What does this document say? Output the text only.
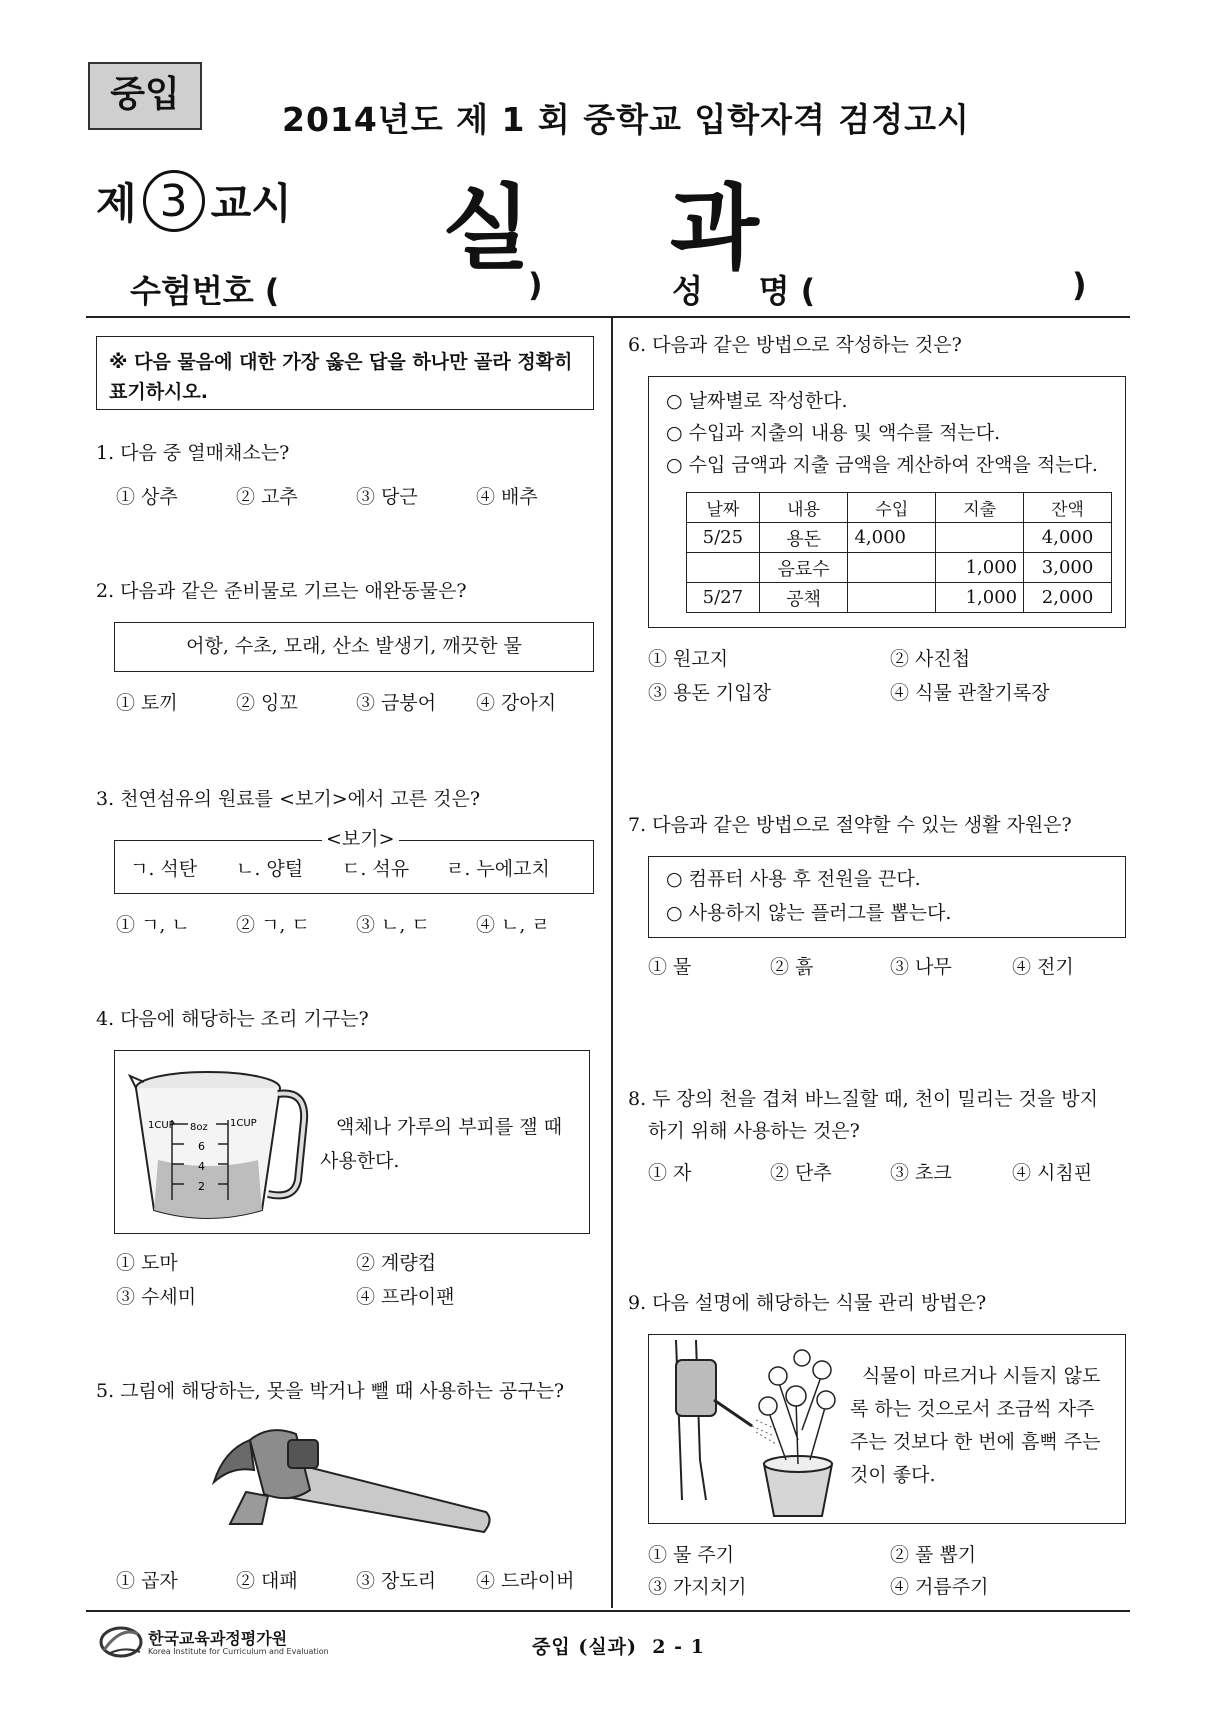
중입
2014년도 제 1 회 중학교 입학자격 검정고시
제 3 교시 실 과
수험번호 (	)	성     명 (	)
※ 다음 물음에 대한 가장 옳은 답을 하나만 골라 정확히 표기하시오.
1. 다음 중 열매채소는?
① 상추	② 고추	③ 당근	④ 배추
2. 다음과 같은 준비물로 기르는 애완동물은?
어항, 수초, 모래, 산소 발생기, 깨끗한 물
① 토끼	② 잉꼬	③ 금붕어 ④ 강아지
3. 천연섬유의 원료를 <보기>에서 고른 것은?
<보기>
ㄱ. 석탄 ㄴ. 양털 ㄷ. 석유 ㄹ. 누에고치
① ㄱ, ㄴ ② ㄱ, ㄷ ③ ㄴ, ㄷ ④ ㄴ, ㄹ
4. 다음에 해당하는 조리 기구는?
1CUP 8oz 1CUP
6
4
2
액체나 가루의 부피를 잴 때 사용한다.
① 도마	② 계량컵
③ 수세미	④ 프라이팬
5. 그림에 해당하는, 못을 박거나 뺄 때 사용하는 공구는?
① 곱자	② 대패	③ 장도리 ④ 드라이버
6. 다음과 같은 방법으로 작성하는 것은?
○ 날짜별로 작성한다.
○ 수입과 지출의 내용 및 액수를 적는다.
○ 수입 금액과 지출 금액을 계산하여 잔액을 적는다.
날짜	내용	수입	지출	잔액
5/25	용돈	4,000		4,000
	음료수		1,000	3,000
5/27	공책		1,000	2,000
① 원고지	② 사진첩
③ 용돈 기입장	④ 식물 관찰기록장
7. 다음과 같은 방법으로 절약할 수 있는 생활 자원은?
○ 컴퓨터 사용 후 전원을 끈다.
○ 사용하지 않는 플러그를 뽑는다.
① 물	② 흙	③ 나무	④ 전기
8. 두 장의 천을 겹쳐 바느질할 때, 천이 밀리는 것을 방지
하기 위해 사용하는 것은?
① 자	② 단추	③ 초크	④ 시침핀
9. 다음 설명에 해당하는 식물 관리 방법은?
식물이 마르거나 시들지 않도록 하는 것으로서 조금씩 자주 주는 것보다 한 번에 흠뻑 주는 것이 좋다.
① 물 주기	② 풀 뽑기
③ 가지치기	④ 거름주기
한국교육과정평가원
Korea Institute for Curriculum and Evaluation	중입 (실과)  2 - 1
